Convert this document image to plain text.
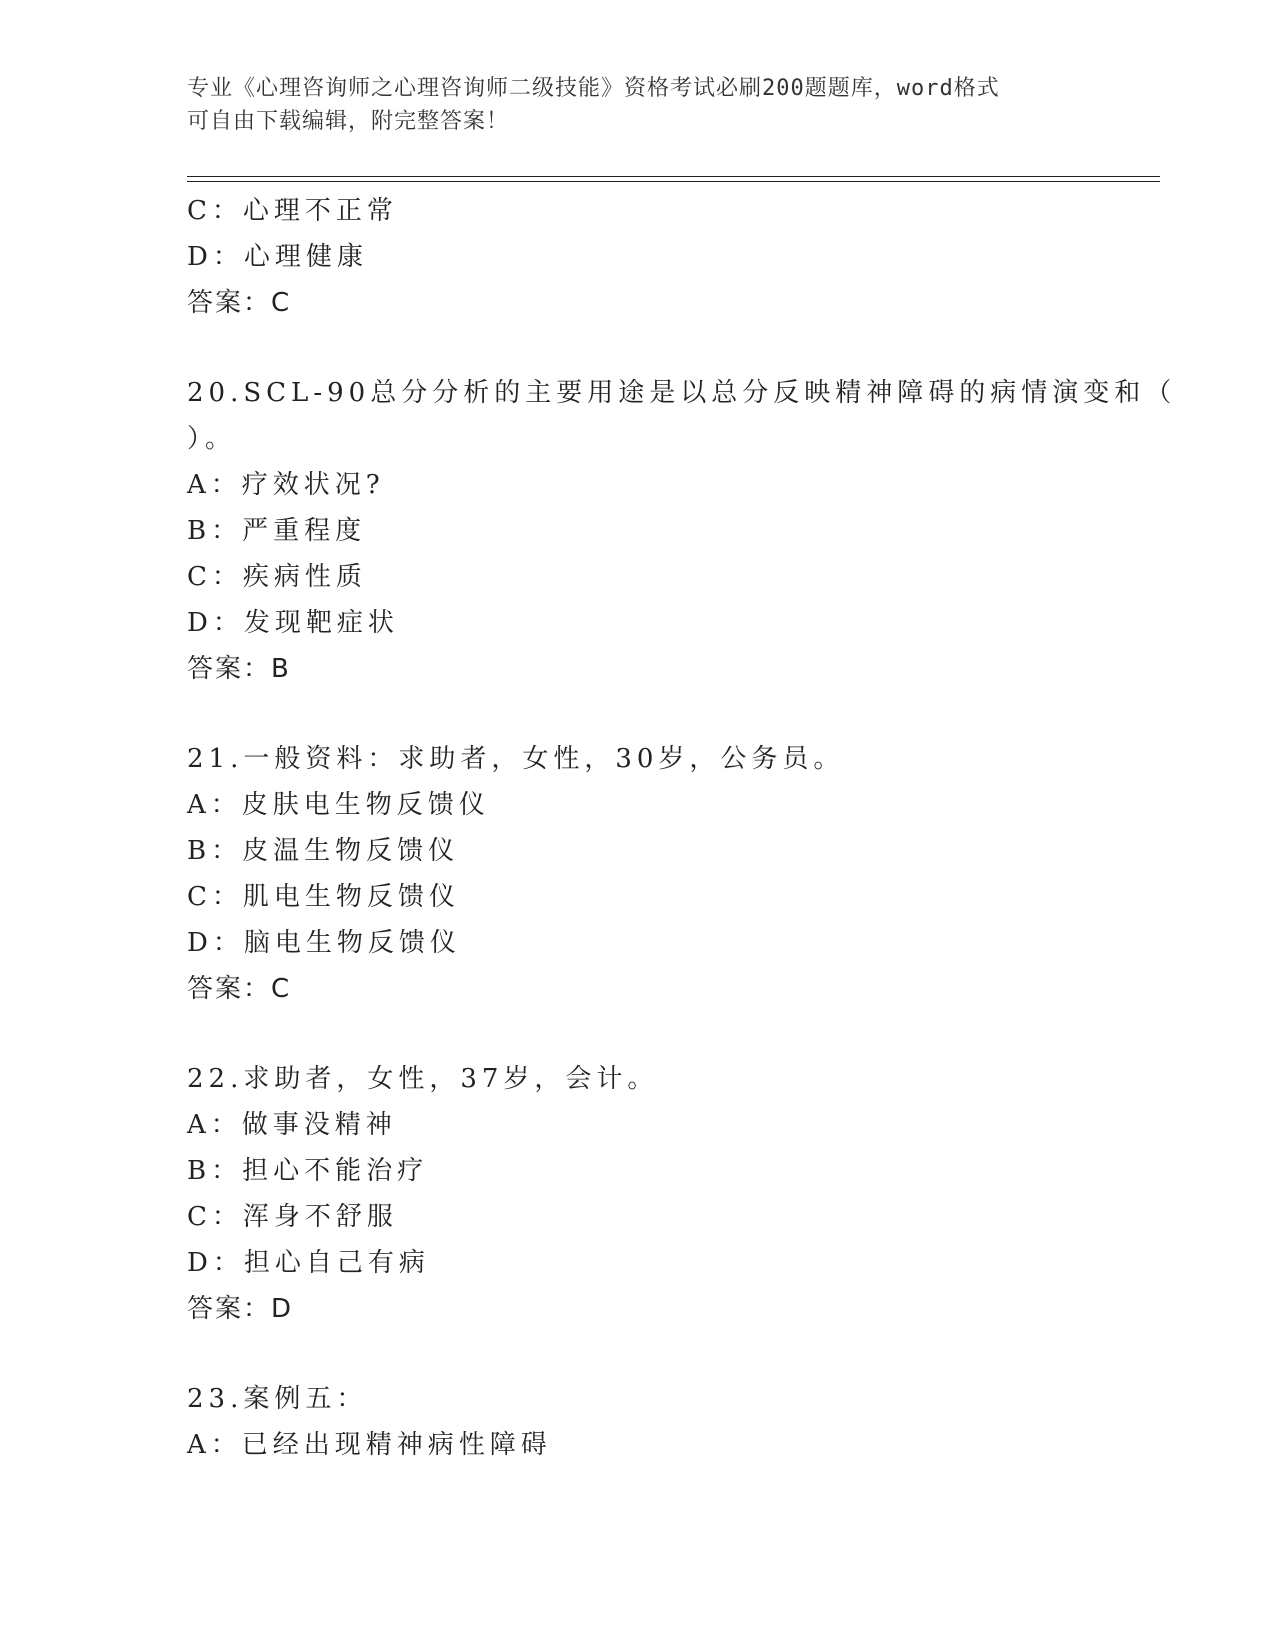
专业《心理咨询师之心理咨询师二级技能》资格考试必刷200题题库，word格式
可自由下载编辑，附完整答案！
C：心理不正常
D：心理健康
答案：C
20.SCL-90总分分析的主要用途是以总分反映精神障碍的病情演变和（
）。
A：疗效状况?
B：严重程度
C：疾病性质
D：发现靶症状
答案：B
21.一般资料：求助者，女性，30岁，公务员。
A：皮肤电生物反馈仪
B：皮温生物反馈仪
C：肌电生物反馈仪
D：脑电生物反馈仪
答案：C
22.求助者，女性，37岁，会计。
A：做事没精神
B：担心不能治疗
C：浑身不舒服
D：担心自己有病
答案：D
23.案例五：
A：已经出现精神病性障碍
